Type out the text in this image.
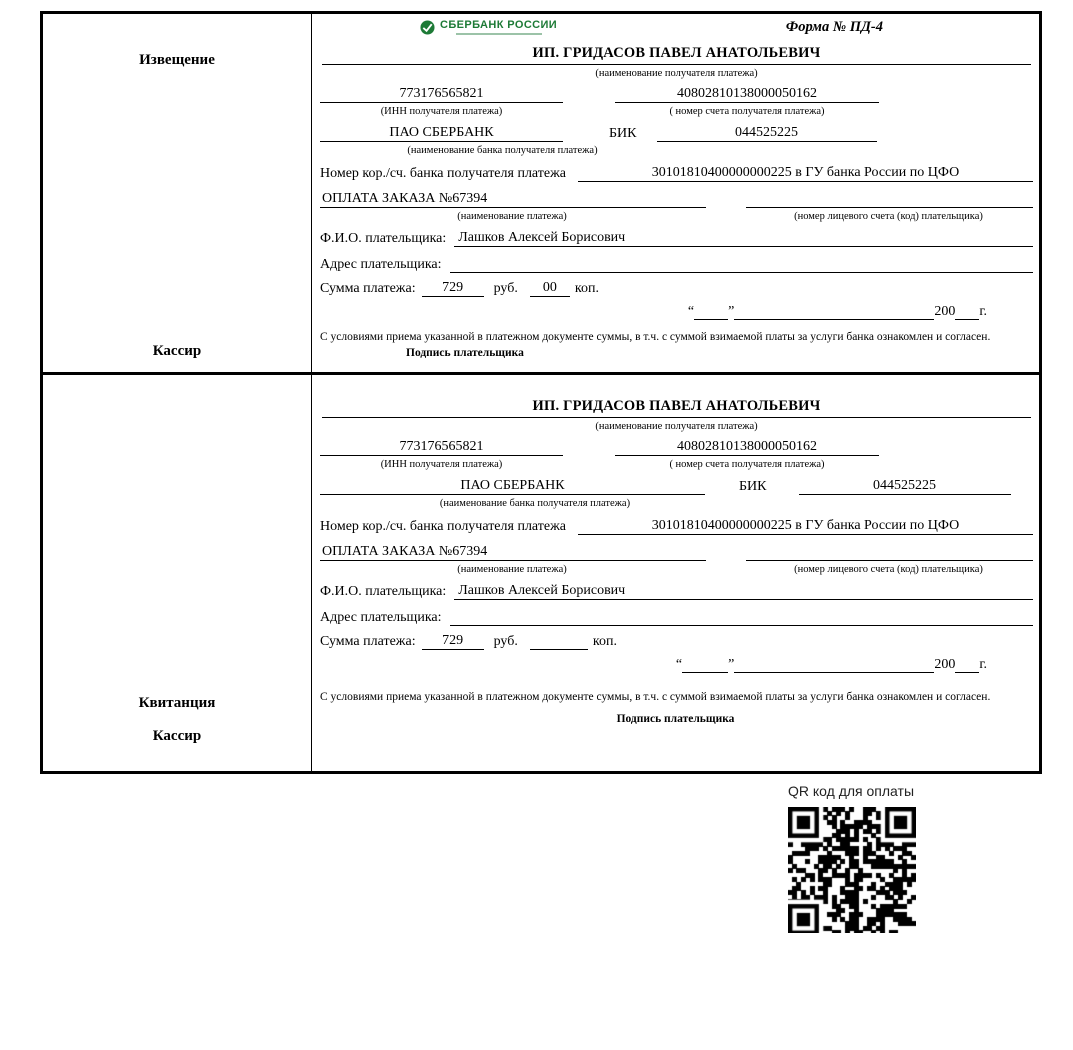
Извещение
Кассир
СБЕРБАНК РОССИИ	Форма № ПД-4
ИП. ГРИДАСОВ ПАВЕЛ АНАТОЛЬЕВИЧ
(наименование получателя платежа)
773176565821	40802810138000050162
(ИНН получателя платежа)	( номер счета получателя платежа)
ПАО СБЕРБАНК	БИК	044525225
(наименование банка получателя платежа)
Номер кор./сч. банка получателя платежа	30101810400000000225 в ГУ банка России по ЦФО
ОПЛАТА ЗАКАЗА №67394
(наименование платежа)	(номер лицевого счета (код) плательщика)
Ф.И.О. плательщика: Лашков Алексей Борисович
Адрес плательщика:
Сумма платежа:	729	руб.	00	коп.
“ ”	200 г.
С условиями приема указанной в платежном документе суммы, в т.ч. с суммой взимаемой платы за услуги банка ознакомлен и согласен. Подпись плательщика
Квитанция
Кассир
ИП. ГРИДАСОВ ПАВЕЛ АНАТОЛЬЕВИЧ
(наименование получателя платежа)
773176565821	40802810138000050162
(ИНН получателя платежа)	( номер счета получателя платежа)
ПАО СБЕРБАНК	БИК	044525225
(наименование банка получателя платежа)
Номер кор./сч. банка получателя платежа	30101810400000000225 в ГУ банка России по ЦФО
ОПЛАТА ЗАКАЗА №67394
(наименование платежа)	(номер лицевого счета (код) плательщика)
Ф.И.О. плательщика: Лашков Алексей Борисович
Адрес плательщика:
Сумма платежа:	729	руб.	коп.
“	”	200 г.
С условиями приема указанной в платежном документе суммы, в т.ч. с суммой взимаемой платы за услуги банка ознакомлен и согласен.
Подпись плательщика
QR код для оплаты
